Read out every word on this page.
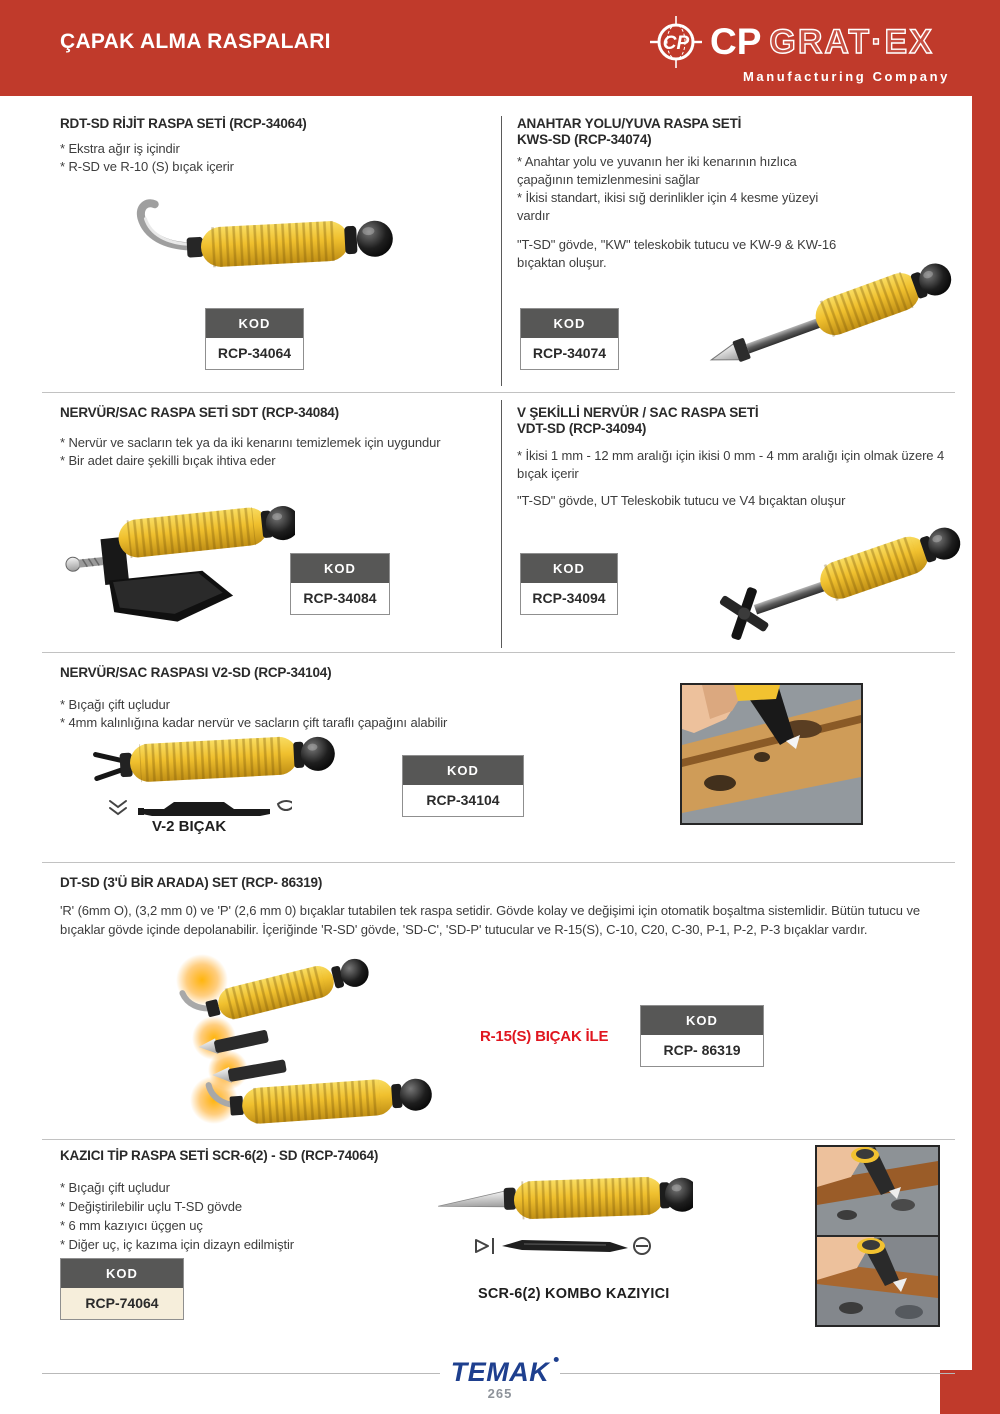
ÇAPAK ALMA RASPALARI	CP CP GRAT·EX
Manufacturing Company
RDT-SD RİJİT RASPA SETİ (RCP-34064)
* Ekstra ağır iş içindir
* R-SD ve R-10 (S) bıçak içerir
KOD
RCP-34064
ANAHTAR YOLU/YUVA RASPA SETİ
KWS-SD (RCP-34074)
* Anahtar yolu ve yuvanın her iki kenarının hızlıca çapağının temizlenmesini sağlar
* İkisi standart, ikisi sığ derinlikler için 4 kesme yüzeyi vardır
"T-SD" gövde, "KW" teleskobik tutucu ve KW-9 & KW-16 bıçaktan oluşur.
KOD
RCP-34074
NERVÜR/SAC RASPA SETİ SDT (RCP-34084)
* Nervür ve sacların tek ya da iki kenarını temizlemek için uygundur
* Bir adet daire şekilli bıçak ihtiva eder
KOD
RCP-34084
V ŞEKİLLİ NERVÜR / SAC RASPA SETİ
VDT-SD (RCP-34094)
* İkisi 1 mm - 12 mm aralığı için ikisi 0 mm - 4 mm aralığı için olmak üzere 4 bıçak içerir
"T-SD" gövde, UT Teleskobik tutucu ve V4 bıçaktan oluşur
KOD
RCP-34094
NERVÜR/SAC RASPASI V2-SD (RCP-34104)
* Bıçağı çift uçludur
* 4mm kalınlığına kadar nervür ve sacların çift taraflı çapağını alabilir
V-2 BIÇAK
KOD
RCP-34104
DT-SD (3'Ü BİR ARADA) SET (RCP- 86319)
'R' (6mm O), (3,2 mm 0) ve 'P' (2,6 mm 0) bıçaklar tutabilen tek raspa setidir. Gövde kolay ve değişimi için otomatik boşaltma sistemlidir. Bütün tutucu ve bıçaklar gövde içinde depolanabilir. İçeriğinde 'R-SD' gövde, 'SD-C', 'SD-P' tutucular ve R-15(S), C-10, C20, C-30, P-1, P-2, P-3 bıçaklar vardır.
R-15(S) BIÇAK İLE
KOD
RCP- 86319
KAZICI TİP RASPA SETİ SCR-6(2) - SD (RCP-74064)
* Bıçağı çift uçludur
* Değiştirilebilir uçlu T-SD gövde
* 6 mm kazıyıcı üçgen uç
* Diğer uç, iç kazıma için dizayn edilmiştir
SCR-6(2) KOMBO KAZIYICI
KOD
RCP-74064
TEMAK
265
